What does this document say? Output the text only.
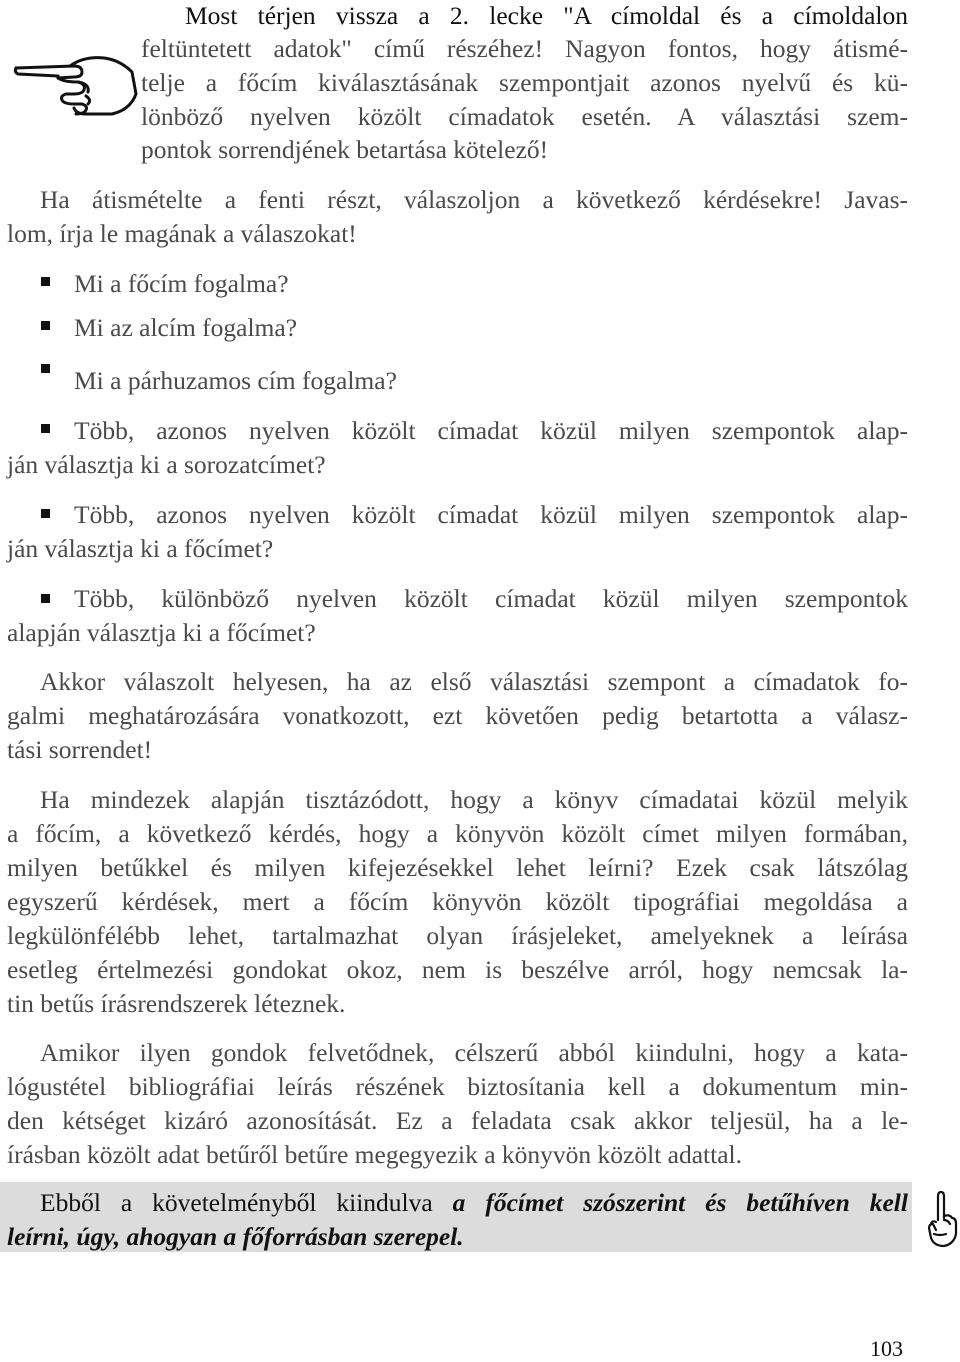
Most térjen vissza a 2. lecke "A címoldal és a címoldalon
feltüntetett adatok" című részéhez! Nagyon fontos, hogy átismé-
telje a főcím kiválasztásának szempontjait azonos nyelvű és kü-
lönböző nyelven közölt címadatok esetén. A választási szem-
pontok sorrendjének betartása kötelező!
Ha átismételte a fenti részt, válaszoljon a következő kérdésekre! Javas-
lom, írja le magának a válaszokat!
Mi a főcím fogalma?
Mi az alcím fogalma?
Mi a párhuzamos cím fogalma?
Több, azonos nyelven közölt címadat közül milyen szempontok alap-
ján választja ki a sorozatcímet?
Több, azonos nyelven közölt címadat közül milyen szempontok alap-
ján választja ki a főcímet?
Több, különböző nyelven közölt címadat közül milyen szempontok
alapján választja ki a főcímet?
Akkor válaszolt helyesen, ha az első választási szempont a címadatok fo-
galmi meghatározására vonatkozott, ezt követően pedig betartotta a válasz-
tási sorrendet!
Ha mindezek alapján tisztázódott, hogy a könyv címadatai közül melyik
a főcím, a következő kérdés, hogy a könyvön közölt címet milyen formában,
milyen betűkkel és milyen kifejezésekkel lehet leírni? Ezek csak látszólag
egyszerű kérdések, mert a főcím könyvön közölt tipográfiai megoldása a
legkülönfélébb lehet, tartalmazhat olyan írásjeleket, amelyeknek a leírása
esetleg értelmezési gondokat okoz, nem is beszélve arról, hogy nemcsak la-
tin betűs írásrendszerek léteznek.
Amikor ilyen gondok felvetődnek, célszerű abból kiindulni, hogy a kata-
lógustétel bibliográfiai leírás részének biztosítania kell a dokumentum min-
den kétséget kizáró azonosítását. Ez a feladata csak akkor teljesül, ha a le-
írásban közölt adat betűről betűre megegyezik a könyvön közölt adattal.
Ebből a követelményből kiindulva a főcímet szószerint és betűhíven kell
leírni, úgy, ahogyan a főforrásban szerepel.
103
